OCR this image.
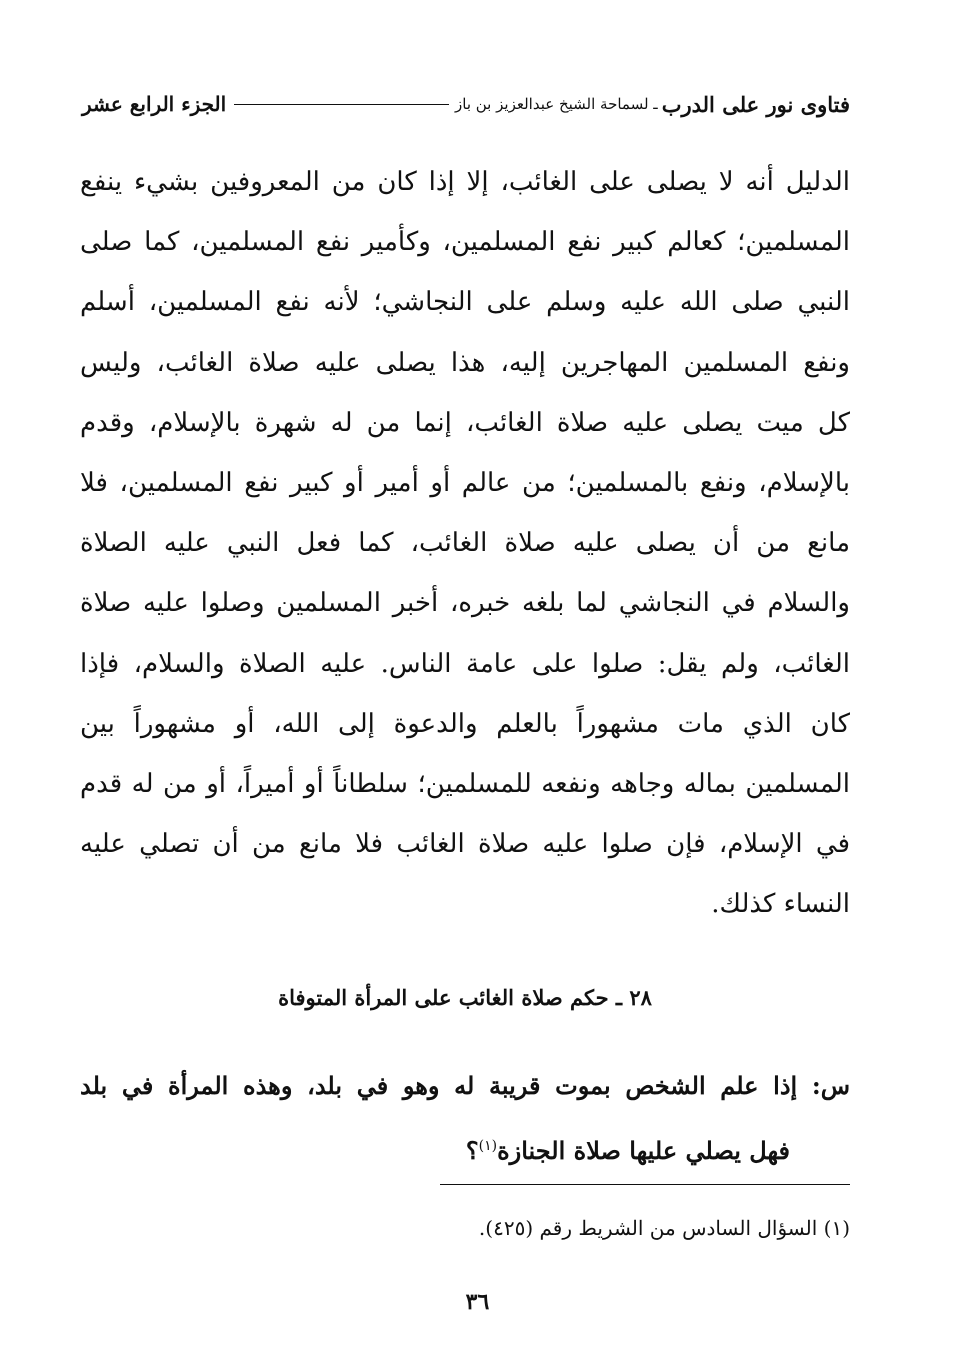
فتاوى نور على الدرب
ـ لسماحة الشيخ عبدالعزيز بن باز
الجزء الرابع عشر
الدليل أنه لا يصلى على الغائب، إلا إذا كان من المعروفين بشيء ينفع
المسلمين؛ كعالم كبير نفع المسلمين، وكأمير نفع المسلمين، كما صلى
النبي صلى الله عليه وسلم على النجاشي؛ لأنه نفع المسلمين، أسلم
ونفع المسلمين المهاجرين إليه، هذا يصلى عليه صلاة الغائب، وليس
كل ميت يصلى عليه صلاة الغائب، إنما من له شهرة بالإسلام، وقدم
بالإسلام، ونفع بالمسلمين؛ من عالم أو أمير أو كبير نفع المسلمين، فلا
مانع من أن يصلى عليه صلاة الغائب، كما فعل النبي عليه الصلاة
والسلام في النجاشي لما بلغه خبره، أخبر المسلمين وصلوا عليه صلاة
الغائب، ولم يقل: صلوا على عامة الناس. عليه الصلاة والسلام، فإذا
كان الذي مات مشهوراً بالعلم والدعوة إلى الله، أو مشهوراً بين
المسلمين بماله وجاهه ونفعه للمسلمين؛ سلطاناً أو أميراً، أو من له قدم
في الإسلام، فإن صلوا عليه صلاة الغائب فلا مانع من أن تصلي عليه
النساء كذلك.
٢٨ ـ حكم صلاة الغائب على المرأة المتوفاة
س: إذا علم الشخص بموت قريبة له وهو في بلد، وهذه المرأة في بلد
فهل يصلي عليها صلاة الجنازة$^{(١)}$؟

(١) السؤال السادس من الشريط رقم (٤٢٥).

٣٦
